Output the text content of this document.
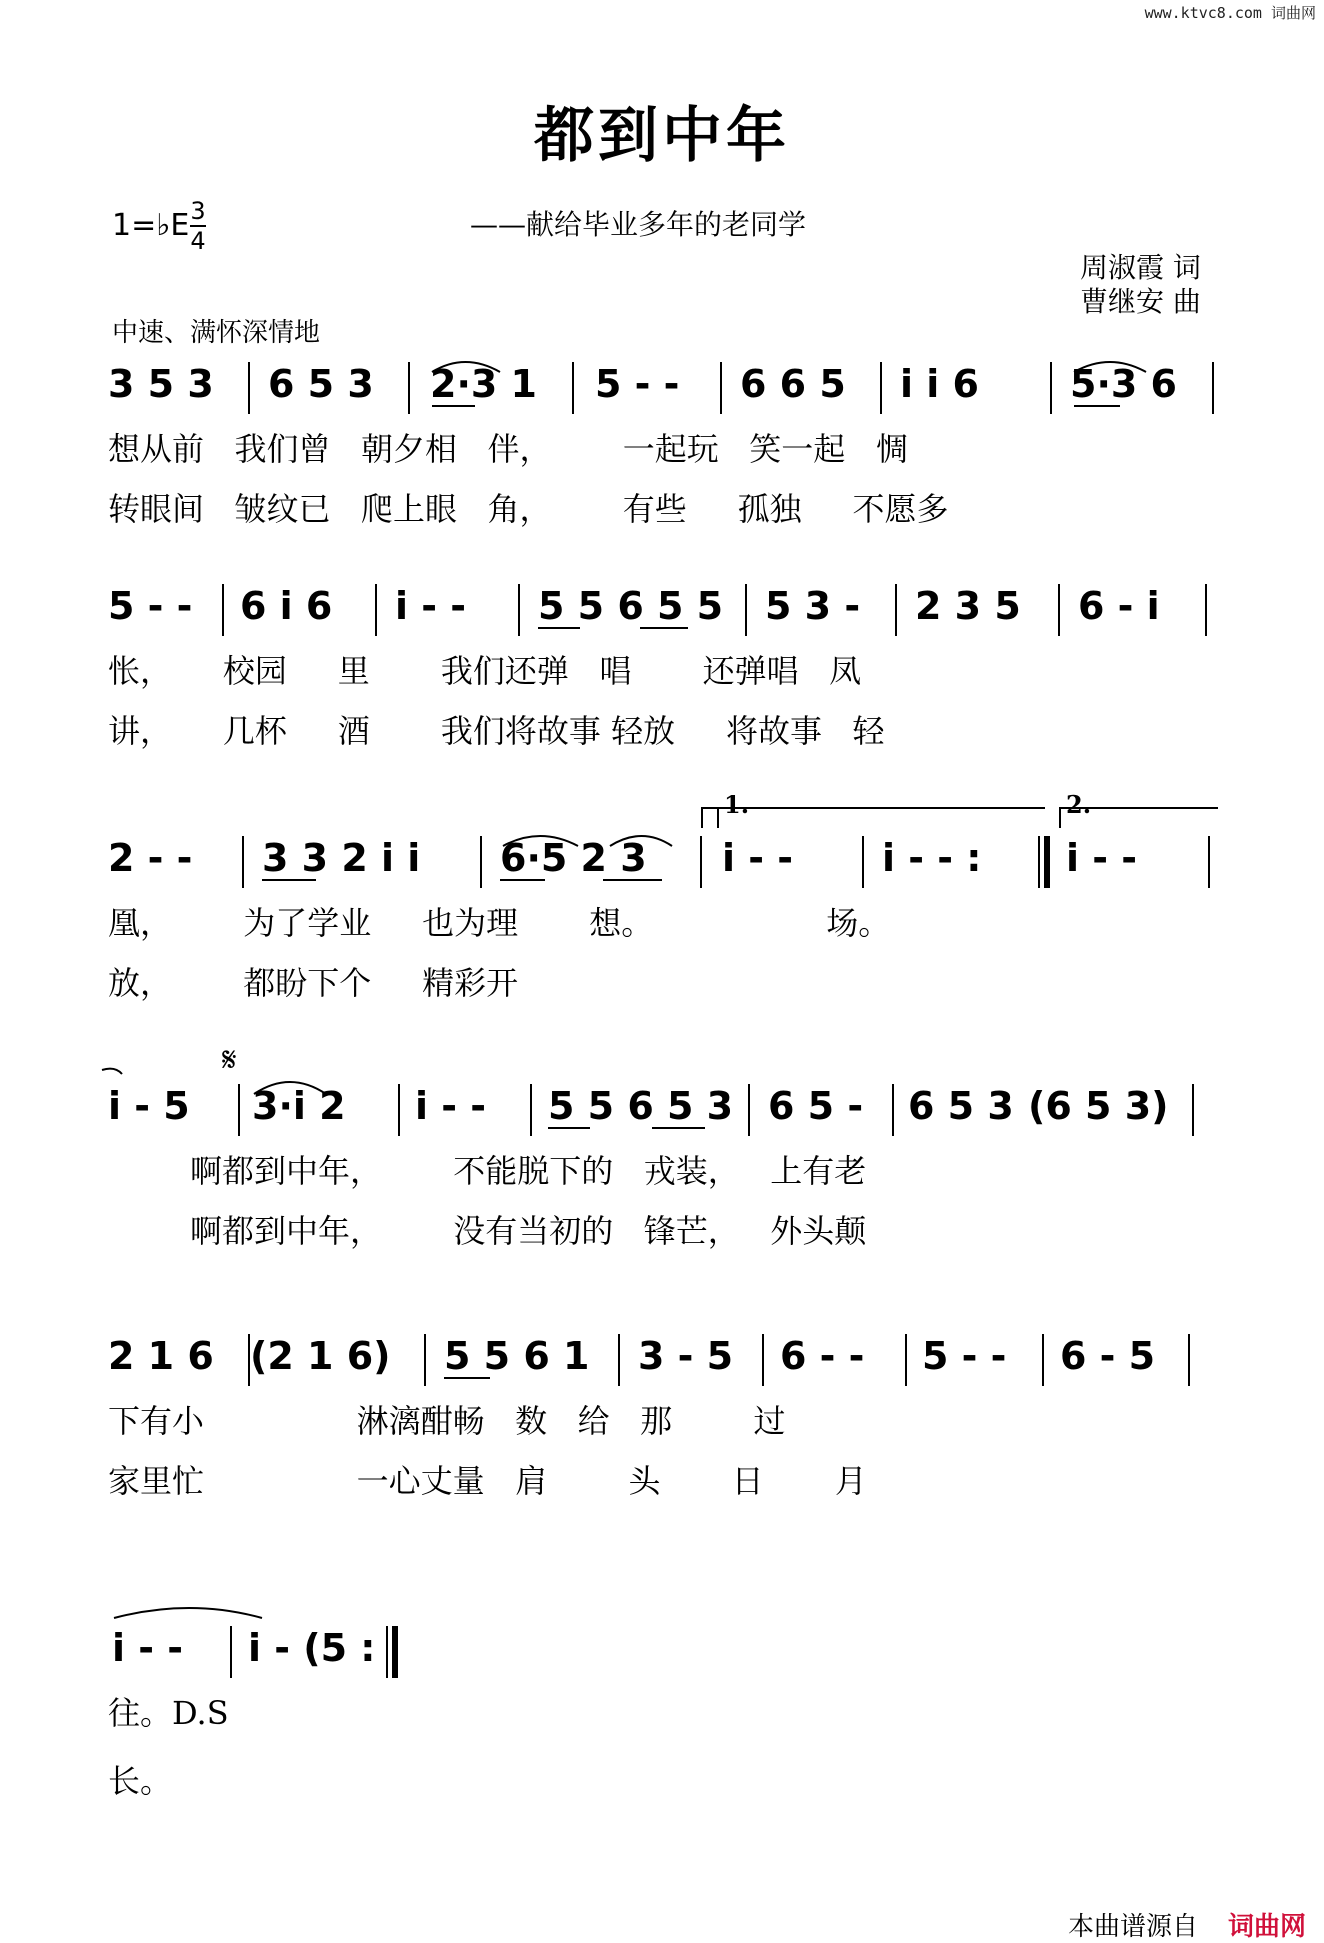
www.ktvc8.com 词曲网
都到中年
1=♭E 3
4	——献给毕业多年的老同学
周淑霞 词
曹继安 曲
中速、满怀深情地
3 5 3 6 5 3 2·3 1 5 - - 6 6 5 i i 6 5·3 6
想从前   我们曾   朝夕相   伴，       一起玩   笑一起   惆
转眼间   皱纹已   爬上眼   角，       有些     孤独     不愿多
5 - - 6 i 6 i - - 5 5 6 5 5 5 3 - 2 3 5 6 - i
怅，     校园     里       我们还弹   唱       还弹唱   凤
讲，     几杯     酒       我们将故事 轻放     将故事   轻
2 - - 3 3 2 i i 6·5 2 3 i - - i - - : i - -
1.	2.
凰，       为了学业     也为理       想。                 场。
放，       都盼下个     精彩开
𝄋
i - 5 3·i 2 i - - 5 5 6 5 3 6 5 - 6 5 3 (6 5 3)
啊都到中年，       不能脱下的   戎装，   上有老
啊都到中年，       没有当初的   锋芒，   外头颠
2 1 6 (2 1 6) 5 5 6 1 3 - 5 6 - - 5 - - 6 - 5
下有小               淋漓酣畅   数   给   那        过
家里忙               一心丈量   肩        头       日       月
i - - i - (5 :
往。D.S
长。
本曲谱源自 词曲网
